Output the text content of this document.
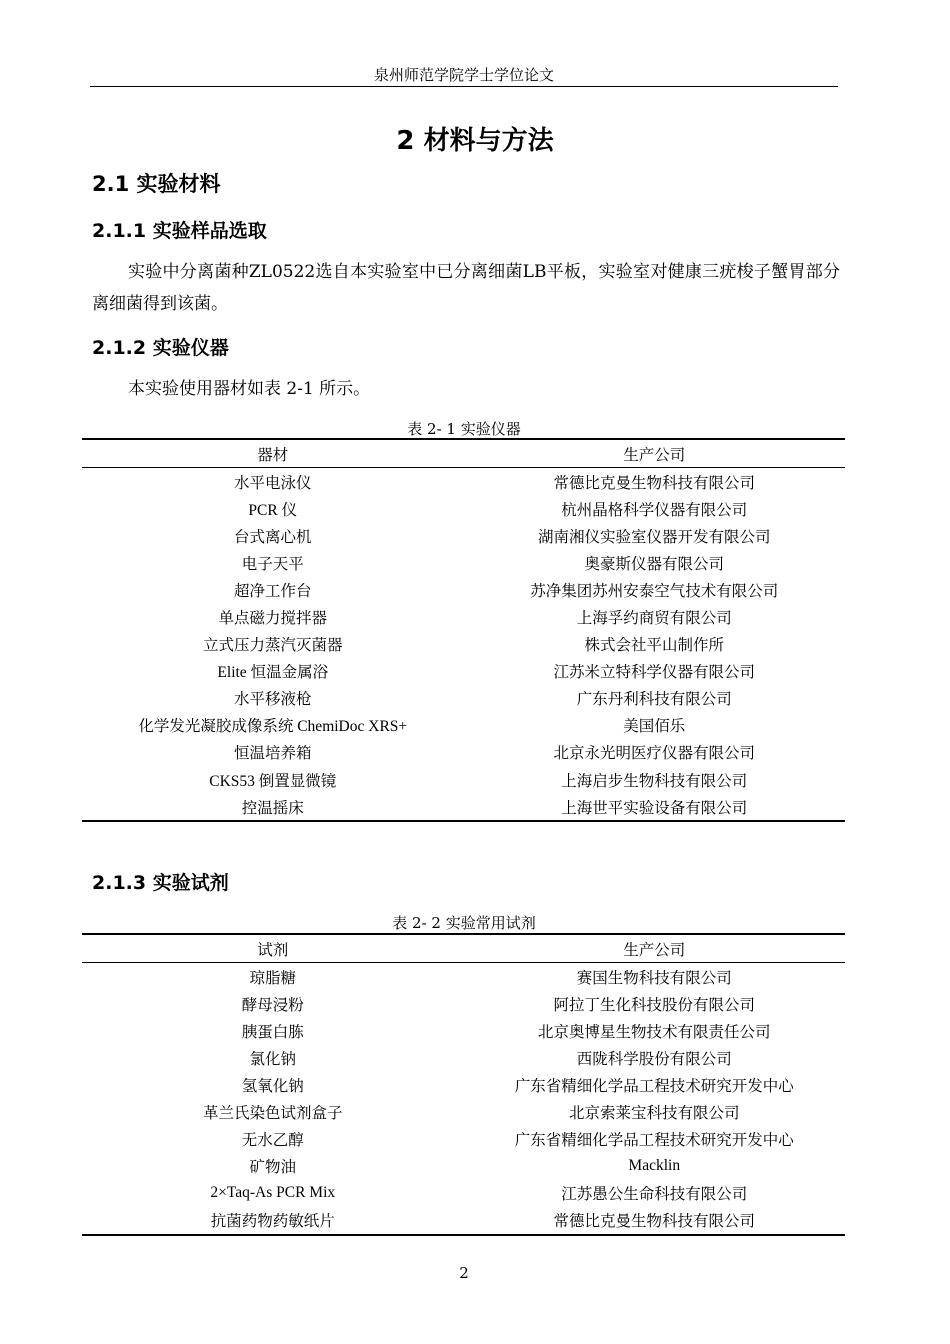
泉州师范学院学士学位论文
2 材料与方法
2.1 实验材料
2.1.1 实验样品选取
实验中分离菌种ZL0522选自本实验室中已分离细菌LB平板，实验室对健康三疣梭子蟹胃部分离细菌得到该菌。
2.1.2 实验仪器
本实验使用器材如表 2-1 所示。
表 2- 1 实验仪器
器材	生产公司
水平电泳仪	常德比克曼生物科技有限公司
PCR 仪	杭州晶格科学仪器有限公司
台式离心机	湖南湘仪实验室仪器开发有限公司
电子天平	奥豪斯仪器有限公司
超净工作台	苏净集团苏州安泰空气技术有限公司
单点磁力搅拌器	上海孚约商贸有限公司
立式压力蒸汽灭菌器	株式会社平山制作所
Elite 恒温金属浴	江苏米立特科学仪器有限公司
水平移液枪	广东丹利科技有限公司
化学发光凝胶成像系统 ChemiDoc XRS+	美国佰乐
恒温培养箱	北京永光明医疗仪器有限公司
CKS53 倒置显微镜	上海启步生物科技有限公司
控温摇床	上海世平实验设备有限公司
2.1.3 实验试剂
表 2- 2 实验常用试剂
试剂	生产公司
琼脂糖	赛国生物科技有限公司
酵母浸粉	阿拉丁生化科技股份有限公司
胰蛋白胨	北京奥博星生物技术有限责任公司
氯化钠	西陇科学股份有限公司
氢氧化钠	广东省精细化学品工程技术研究开发中心
革兰氏染色试剂盒子	北京索莱宝科技有限公司
无水乙醇	广东省精细化学品工程技术研究开发中心
矿物油	Macklin
2×Taq-As PCR Mix	江苏愚公生命科技有限公司
抗菌药物药敏纸片	常德比克曼生物科技有限公司
2
